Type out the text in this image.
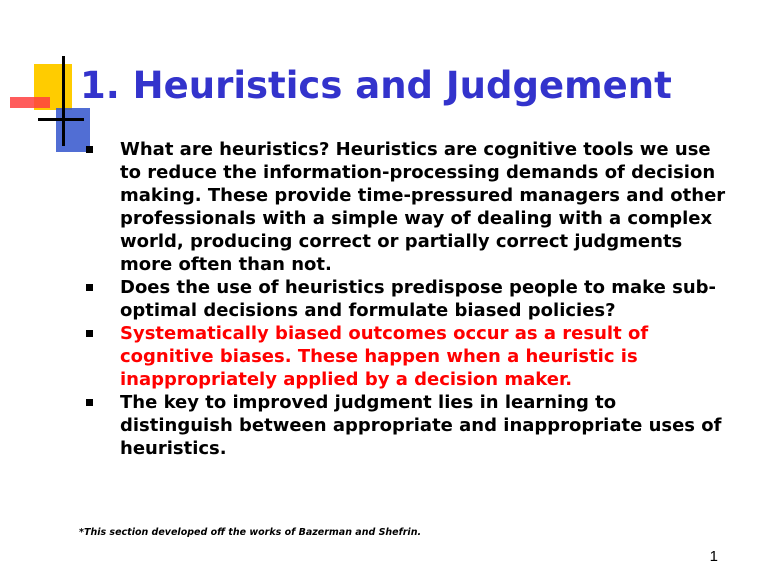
1. Heuristics and Judgement
What are heuristics? Heuristics are cognitive tools we use to reduce the information-processing demands of decision making. These provide time-pressured managers and other professionals with a simple way of dealing with a complex world, producing correct or partially correct judgments more often than not.
Does the use of heuristics predispose people to make sub-optimal decisions and formulate biased policies?
Systematically biased outcomes occur as a result of cognitive biases. These happen when a heuristic is inappropriately applied by a decision maker.
The key to improved judgment lies in learning to distinguish between appropriate and inappropriate uses of heuristics.

*This section developed off the works of Bazerman and Shefrin.

1
